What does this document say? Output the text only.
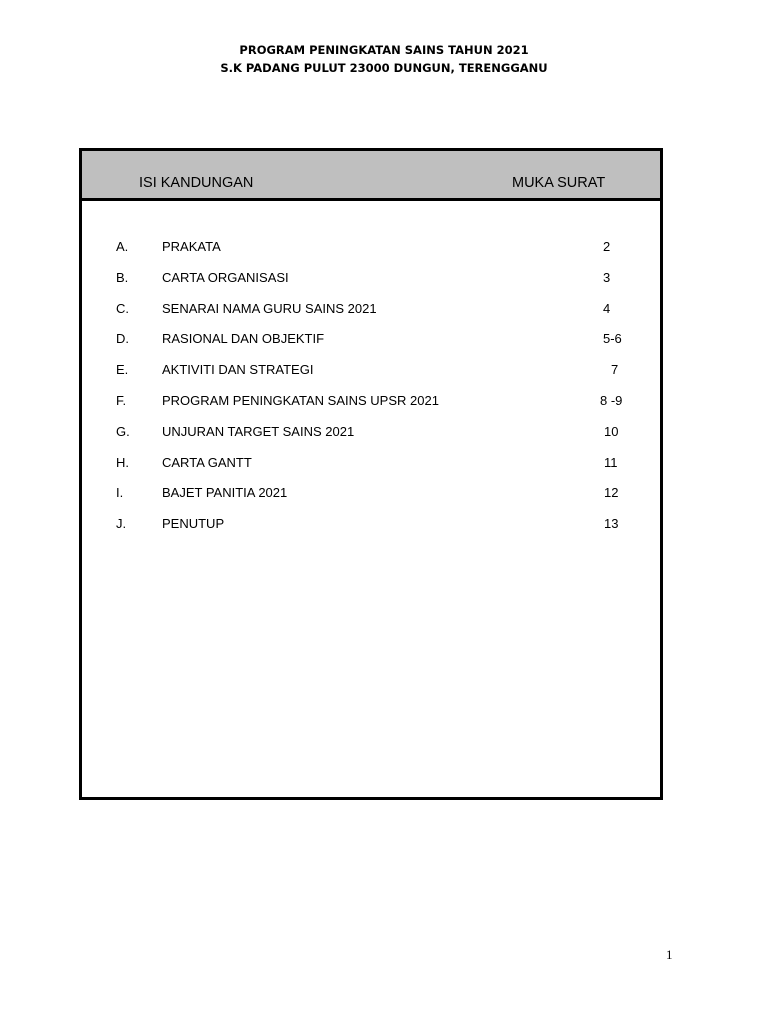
PROGRAM PENINGKATAN SAINS TAHUN 2021
S.K PADANG PULUT 23000 DUNGUN, TERENGGANU
ISI KANDUNGAN	MUKA SURAT
A.	PRAKATA	2
B.	CARTA ORGANISASI	3
C.	SENARAI NAMA GURU SAINS 2021	4
D.	RASIONAL DAN OBJEKTIF	5-6
E.	AKTIVITI DAN STRATEGI	7
F.	PROGRAM PENINGKATAN SAINS UPSR 2021	8 -9
G. UNJURAN TARGET SAINS 2021	10
H.	CARTA GANTT	11
I.	BAJET PANITIA 2021	12
J.	PENUTUP	13
1
